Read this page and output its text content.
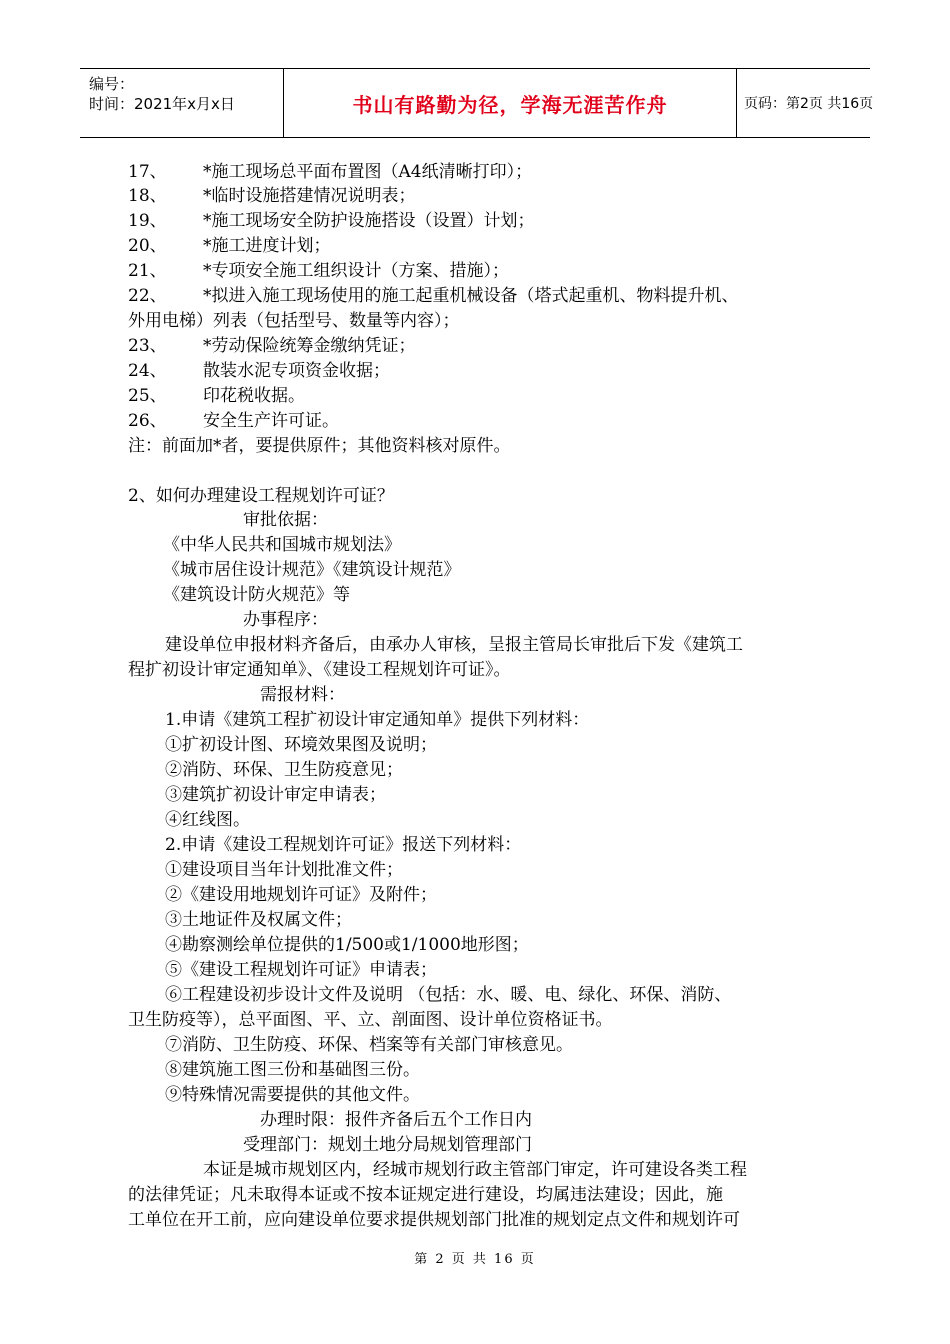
编号：
时间：2021年x月x日	书山有路勤为径，学海无涯苦作舟	页码：第2页 共16页
17、 *施工现场总平面布置图（A4纸清晰打印）；
18、 *临时设施搭建情况说明表；
19、 *施工现场安全防护设施搭设（设置）计划；
20、 *施工进度计划；
21、 *专项安全施工组织设计（方案、措施）；
22、 *拟进入施工现场使用的施工起重机械设备（塔式起重机、物料提升机、
外用电梯）列表（包括型号、数量等内容）；
23、 *劳动保险统筹金缴纳凭证；
24、 散装水泥专项资金收据；
25、 印花税收据。
26、 安全生产许可证。
注：前面加*者，要提供原件；其他资料核对原件。
2、如何办理建设工程规划许可证？
审批依据：
《中华人民共和国城市规划法》
《城市居住设计规范》《建筑设计规范》
《建筑设计防火规范》等
办事程序：
建设单位申报材料齐备后，由承办人审核，呈报主管局长审批后下发《建筑工
程扩初设计审定通知单》、《建设工程规划许可证》。
需报材料：
1.申请《建筑工程扩初设计审定通知单》提供下列材料：
①扩初设计图、环境效果图及说明；
②消防、环保、卫生防疫意见；
③建筑扩初设计审定申请表；
④红线图。
2.申请《建设工程规划许可证》报送下列材料：
①建设项目当年计划批准文件；
②《建设用地规划许可证》及附件；
③土地证件及权属文件；
④勘察测绘单位提供的1/500或1/1000地形图；
⑤《建设工程规划许可证》申请表；
⑥工程建设初步设计文件及说明 （包括：水、暖、电、绿化、环保、消防、
卫生防疫等），总平面图、平、立、剖面图、设计单位资格证书。
⑦消防、卫生防疫、环保、档案等有关部门审核意见。
⑧建筑施工图三份和基础图三份。
⑨特殊情况需要提供的其他文件。
办理时限：报件齐备后五个工作日内
受理部门：规划土地分局规划管理部门
本证是城市规划区内，经城市规划行政主管部门审定，许可建设各类工程
的法律凭证；凡未取得本证或不按本证规定进行建设，均属违法建设；因此，施
工单位在开工前，应向建设单位要求提供规划部门批准的规划定点文件和规划许可
第 2 页 共 16 页
